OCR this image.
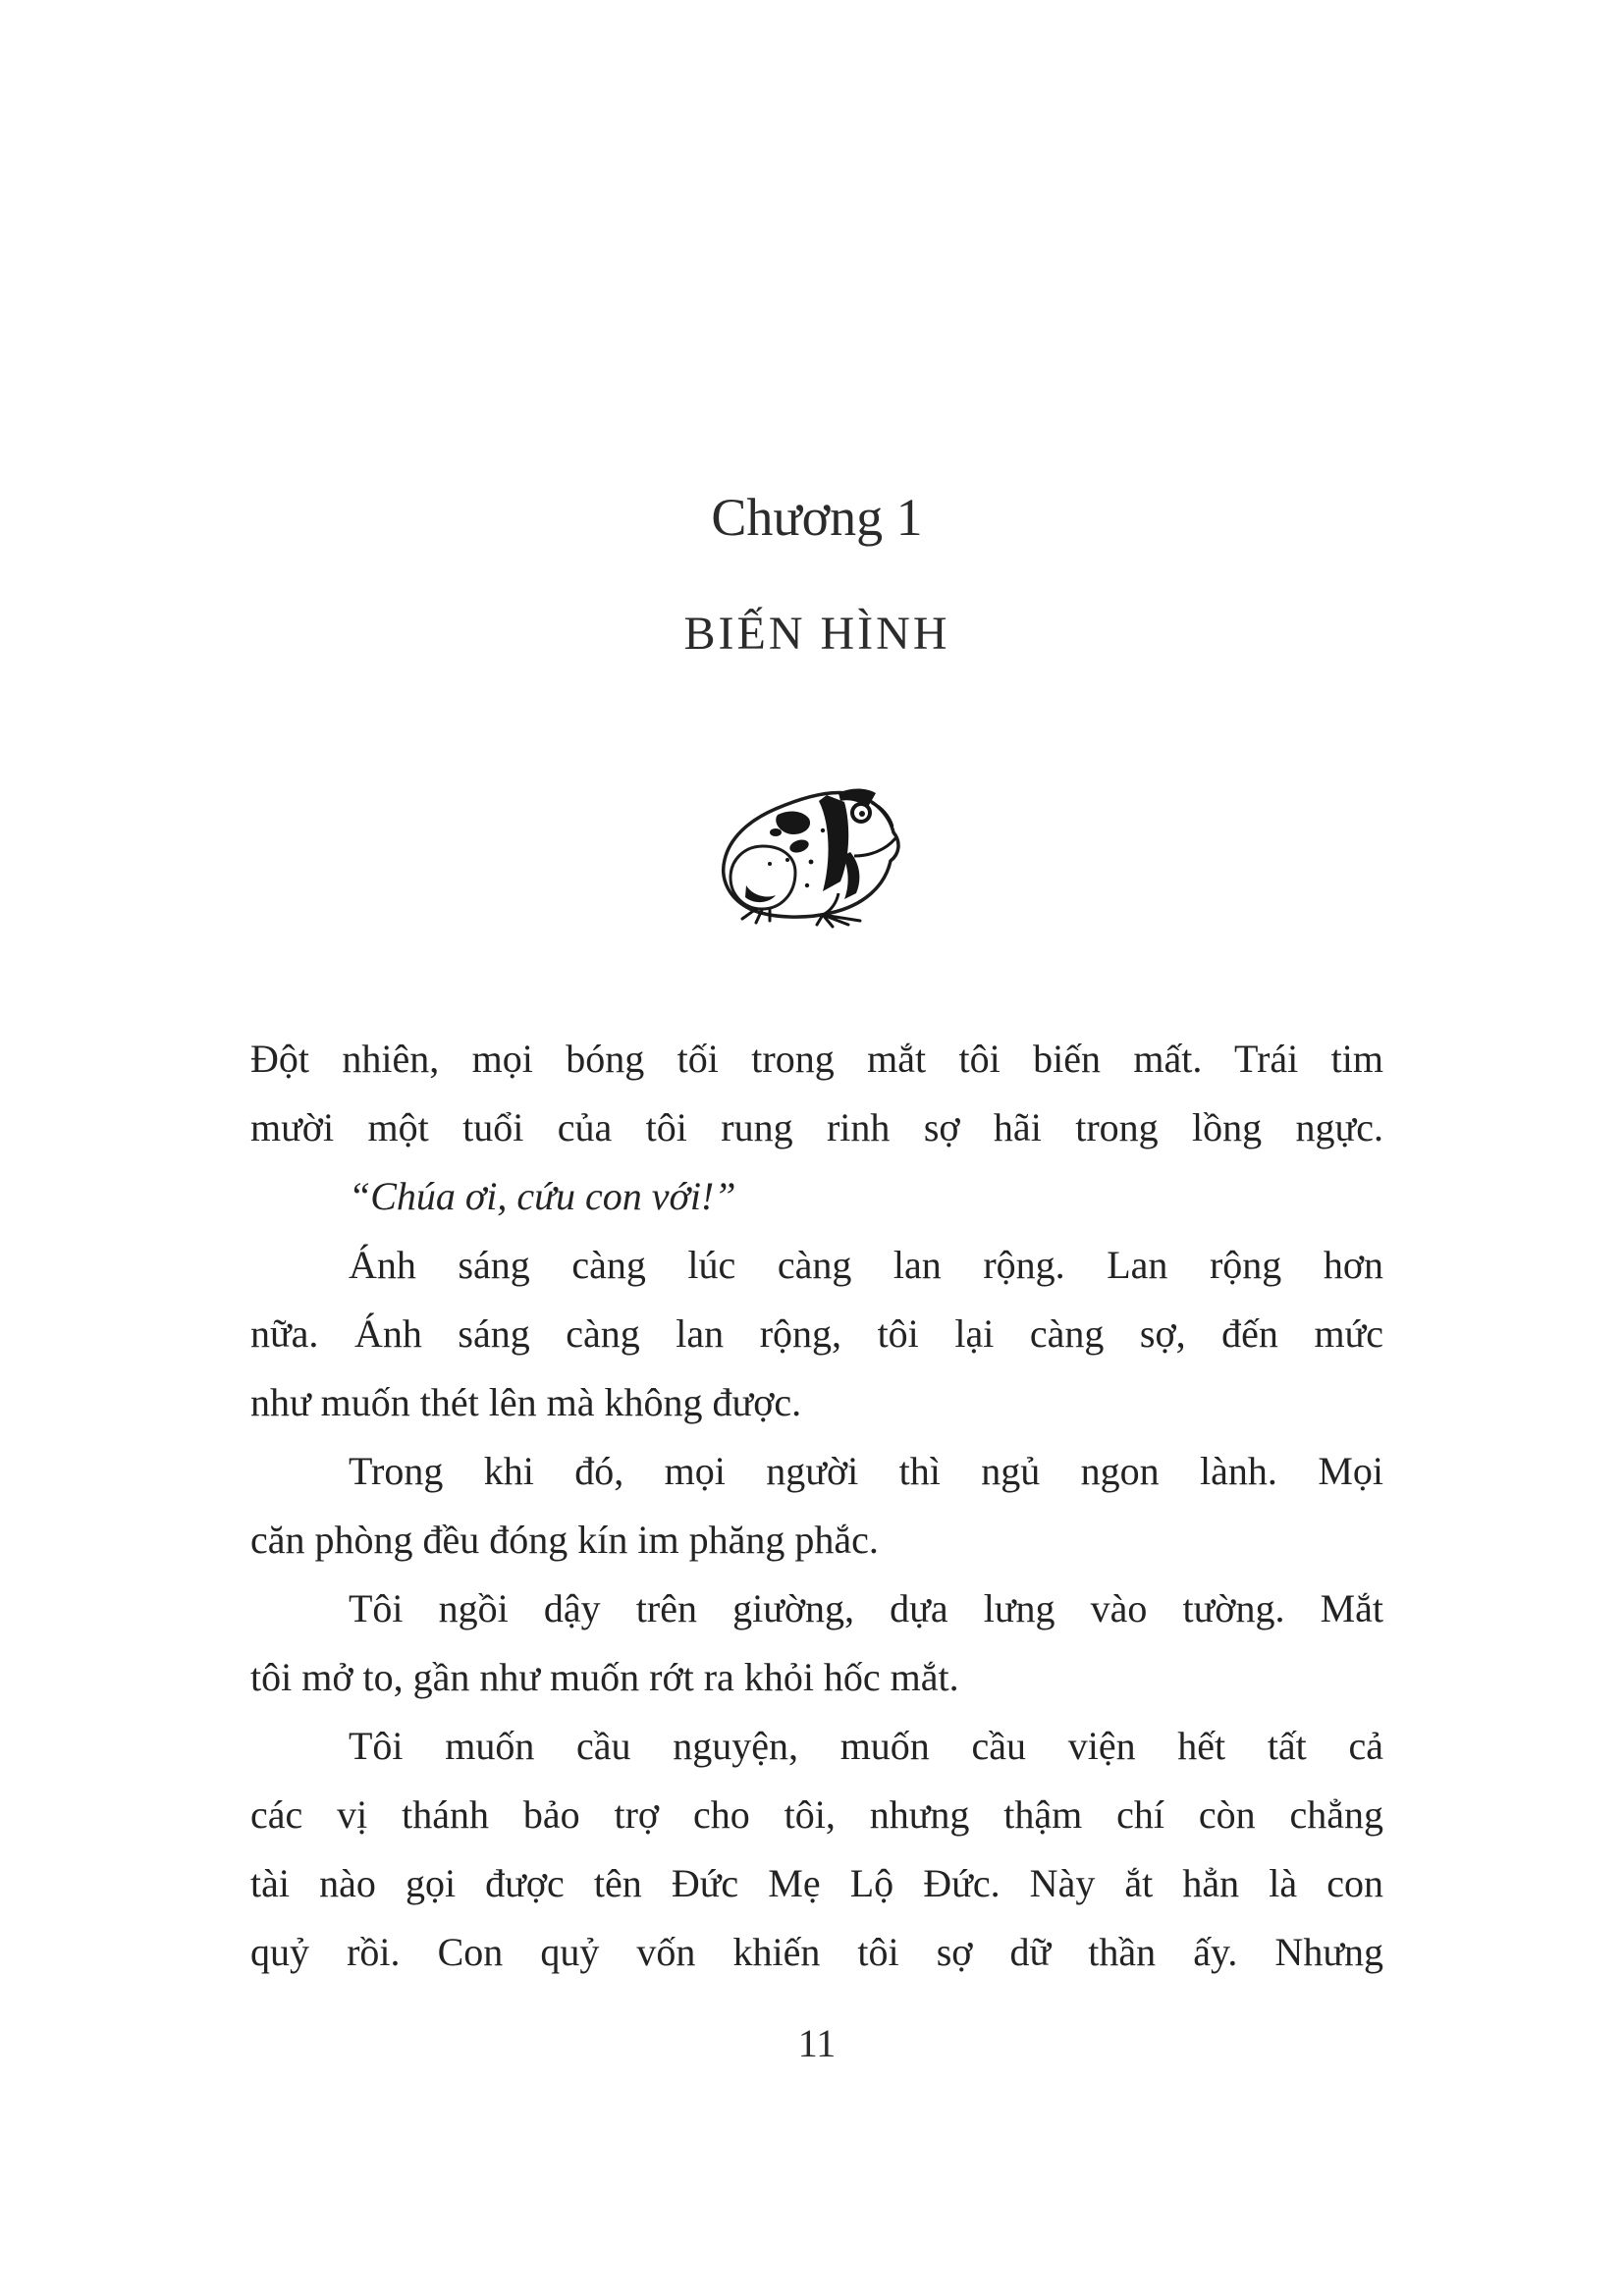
Chương 1
BIẾN HÌNH
Đột nhiên, mọi bóng tối trong mắt tôi biến mất. Trái tim
mười một tuổi của tôi rung rinh sợ hãi trong lồng ngực.
“Chúa ơi, cứu con với!”
Ánh sáng càng lúc càng lan rộng. Lan rộng hơn
nữa. Ánh sáng càng lan rộng, tôi lại càng sợ, đến mức
như muốn thét lên mà không được.
Trong khi đó, mọi người thì ngủ ngon lành. Mọi
căn phòng đều đóng kín im phăng phắc.
Tôi ngồi dậy trên giường, dựa lưng vào tường. Mắt
tôi mở to, gần như muốn rớt ra khỏi hốc mắt.
Tôi muốn cầu nguyện, muốn cầu viện hết tất cả
các vị thánh bảo trợ cho tôi, nhưng thậm chí còn chẳng
tài nào gọi được tên Đức Mẹ Lộ Đức. Này ắt hẳn là con
quỷ rồi. Con quỷ vốn khiến tôi sợ dữ thần ấy. Nhưng
11
